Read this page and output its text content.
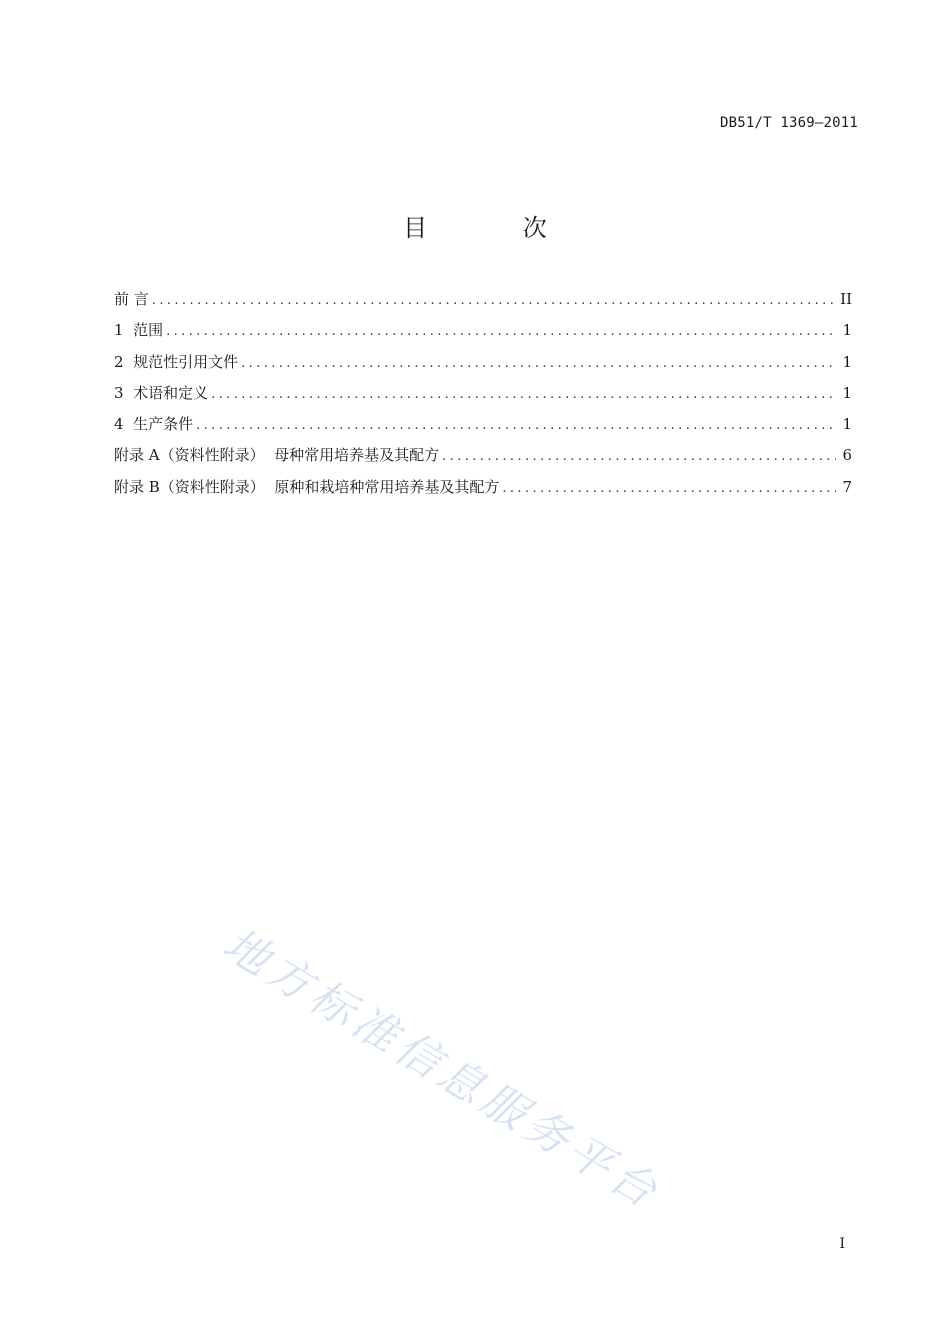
DB51/T 1369—2011
目 次
前 言 .....	II
1  范围 .....	1
2  规范性引用文件 .....	1
3  术语和定义 .....	1
4  生产条件 .....	1
附录 A（资料性附录）  母种常用培养基及其配方 .....	6
附录 B（资料性附录）  原种和栽培种常用培养基及其配方 .....	7
地方标准信息服务平台
I
